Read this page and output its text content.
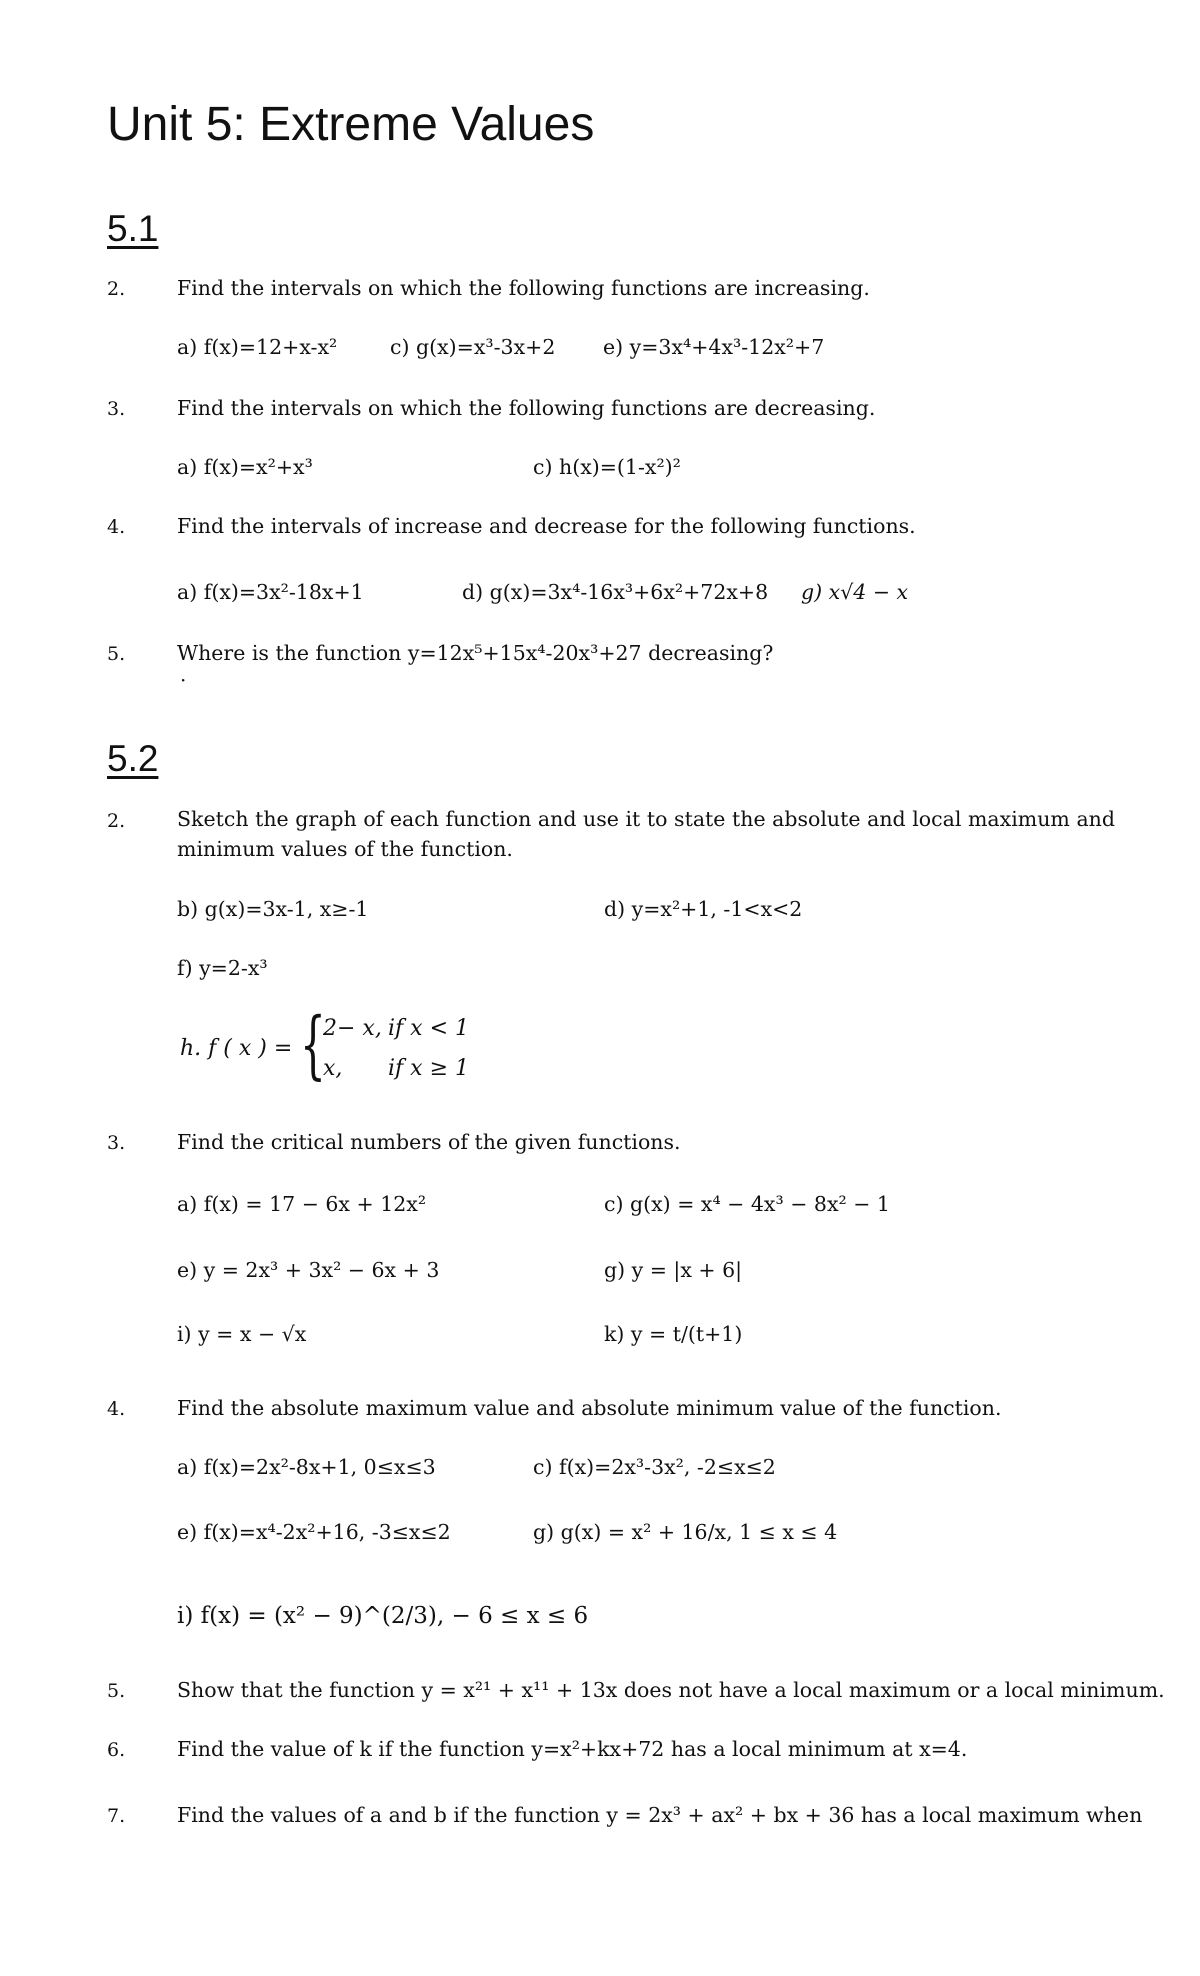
Unit 5: Extreme Values
5.1
2.	Find the intervals on which the following functions are increasing.
a) f(x)=12+x-x²	c) g(x)=x³-3x+2 e) y=3x⁴+4x³-12x²+7
3.	Find the intervals on which the following functions are decreasing.
a) f(x)=x²+x³	c) h(x)=(1-x²)²
4.	Find the intervals of increase and decrease for the following functions.
a) f(x)=3x²-18x+1	d) g(x)=3x⁴-16x³+6x²+72x+8 g) x√4 − x
5.	Where is the function y=12x⁵+15x⁴-20x³+27 decreasing?
·
5.2
2.	Sketch the graph of each function and use it to state the absolute and local maximum and minimum values of the function.
b) g(x)=3x-1, x≥-1	d) y=x²+1, -1<x<2
f) y=2-x³
h. f ( x ) = {
2− x, if x < 1
x, if x ≥ 1
3.	Find the critical numbers of the given functions.
a) f(x) = 17 − 6x + 12x²	c) g(x) = x⁴ − 4x³ − 8x² − 1
e) y = 2x³ + 3x² − 6x + 3	g) y = |x + 6|
i) y = x − √x	k) y = t/(t+1)
4.	Find the absolute maximum value and absolute minimum value of the function.
a) f(x)=2x²-8x+1, 0≤x≤3	c) f(x)=2x³-3x², -2≤x≤2
e) f(x)=x⁴-2x²+16, -3≤x≤2	g) g(x) = x² + 16/x, 1 ≤ x ≤ 4
i) f(x) = (x² − 9)^(2/3), − 6 ≤ x ≤ 6
5.	Show that the function y = x²¹ + x¹¹ + 13x does not have a local maximum or a local minimum.
6.	Find the value of k if the function y=x²+kx+72 has a local minimum at x=4.
7.	Find the values of a and b if the function y = 2x³ + ax² + bx + 36 has a local maximum when
